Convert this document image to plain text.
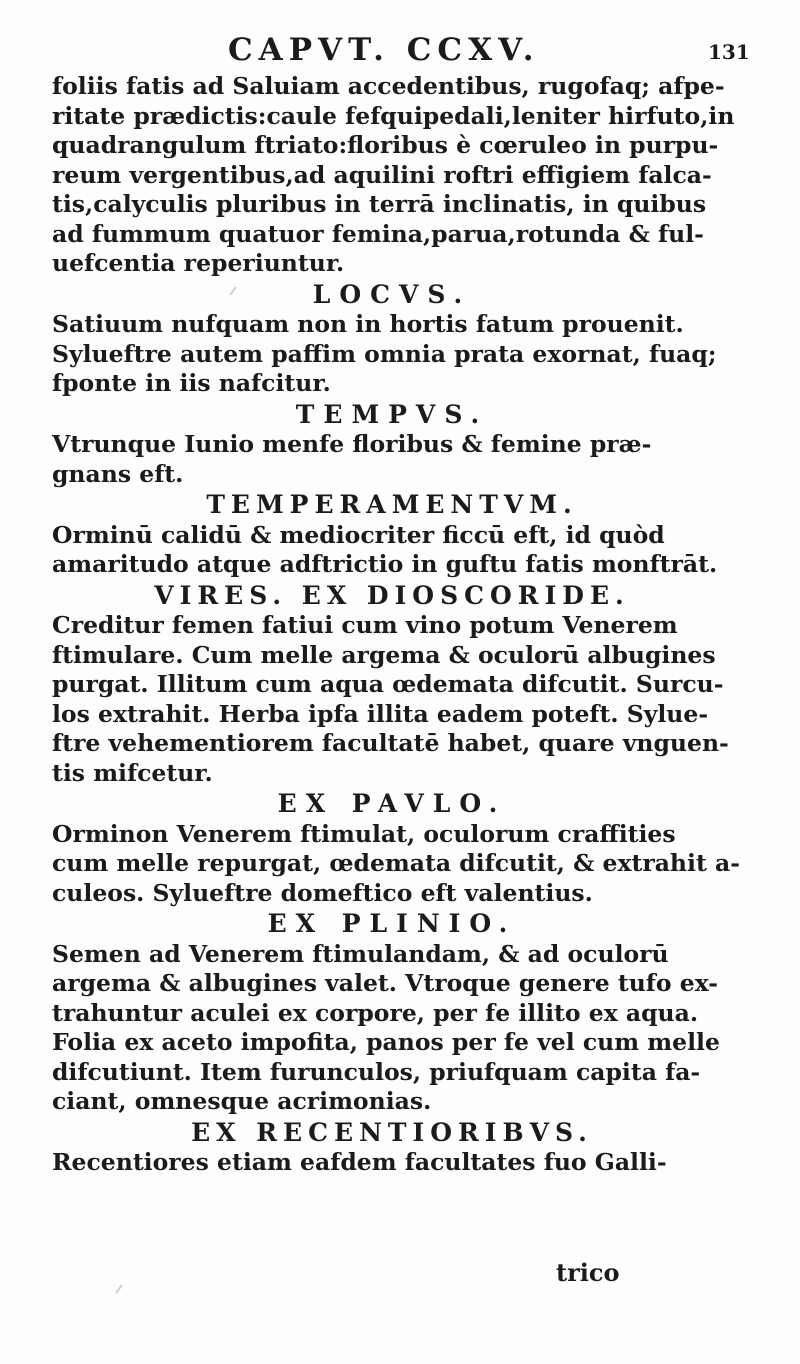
CAPVT. CCXV.	131
foliis fatis ad Saluiam accedentibus, rugofaq; afpe-
ritate prædictis:caule fefquipedali,leniter hirfuto,in
quadrangulum ftriato:floribus è cœruleo in purpu-
reum vergentibus,ad aquilini roftri effigiem falca-
tis,calyculis pluribus in terrā inclinatis, in quibus
ad fummum quatuor femina,parua,rotunda & ful-
uefcentia reperiuntur.
LOCVS.
Satiuum nufquam non in hortis fatum prouenit.
Sylueftre autem paffim omnia prata exornat, fuaq;
fponte in iis nafcitur.
TEMPVS.
Vtrunque Iunio menfe floribus & femine præ-
gnans eft.
TEMPERAMENTVM.
Orminū calidū & mediocriter ficcū eft, id quòd
amaritudo atque adftrictio in guftu fatis monftrāt.
VIRES. EX DIOSCORIDE.
Creditur femen fatiui cum vino potum Venerem
ftimulare. Cum melle argema & oculorū albugines
purgat. Illitum cum aqua œdemata difcutit. Surcu-
los extrahit. Herba ipfa illita eadem poteft. Sylue-
ftre vehementiorem facultatē habet, quare vnguen-
tis mifcetur.
EX PAVLO.
Orminon Venerem ftimulat, oculorum craffities
cum melle repurgat, œdemata difcutit, & extrahit a-
culeos. Sylueftre domeftico eft valentius.
EX PLINIO.
Semen ad Venerem ftimulandam, & ad oculorū
argema & albugines valet. Vtroque genere tufo ex-
trahuntur aculei ex corpore, per fe illito ex aqua.
Folia ex aceto impofita, panos per fe vel cum melle
difcutiunt. Item furunculos, priufquam capita fa-
ciant, omnesque acrimonias.
EX RECENTIORIBVS.
Recentiores etiam eafdem facultates fuo Galli-
trico
